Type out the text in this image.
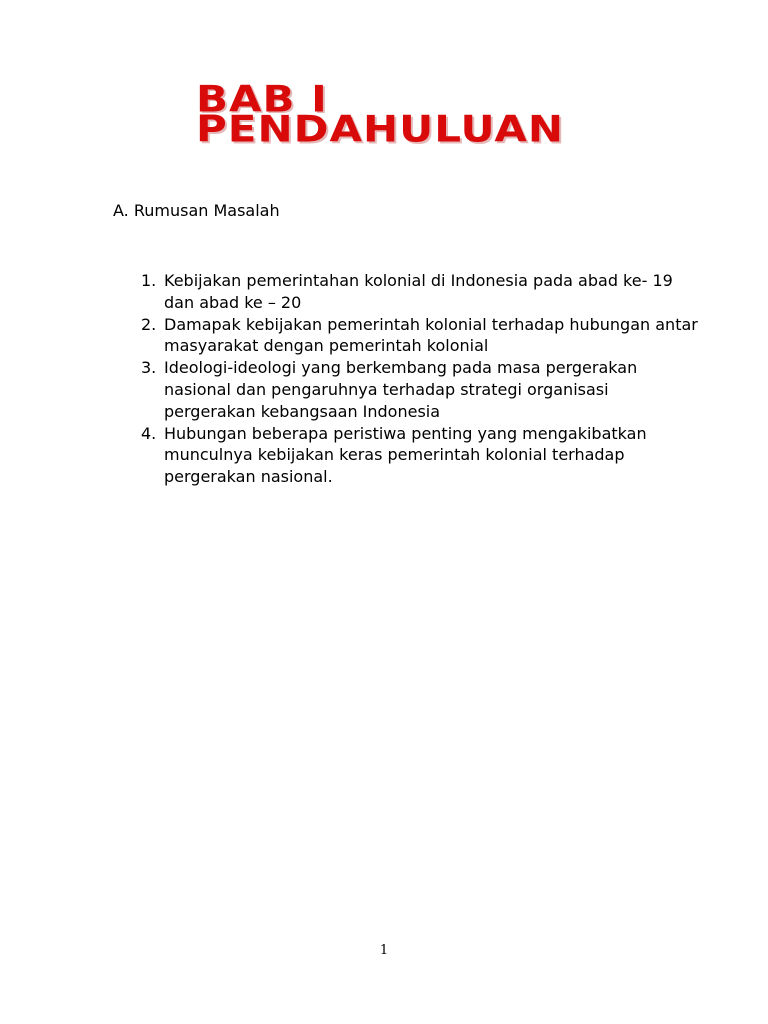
BAB I
PENDAHULUAN
A. Rumusan Masalah
1. Kebijakan pemerintahan kolonial di Indonesia pada abad ke- 19 dan abad ke – 20
2. Damapak kebijakan pemerintah kolonial terhadap hubungan antar masyarakat dengan pemerintah kolonial
3. Ideologi-ideologi yang berkembang pada masa pergerakan nasional dan pengaruhnya terhadap strategi organisasi pergerakan kebangsaan Indonesia
4. Hubungan beberapa peristiwa penting yang mengakibatkan munculnya kebijakan keras pemerintah kolonial terhadap pergerakan nasional.
1
